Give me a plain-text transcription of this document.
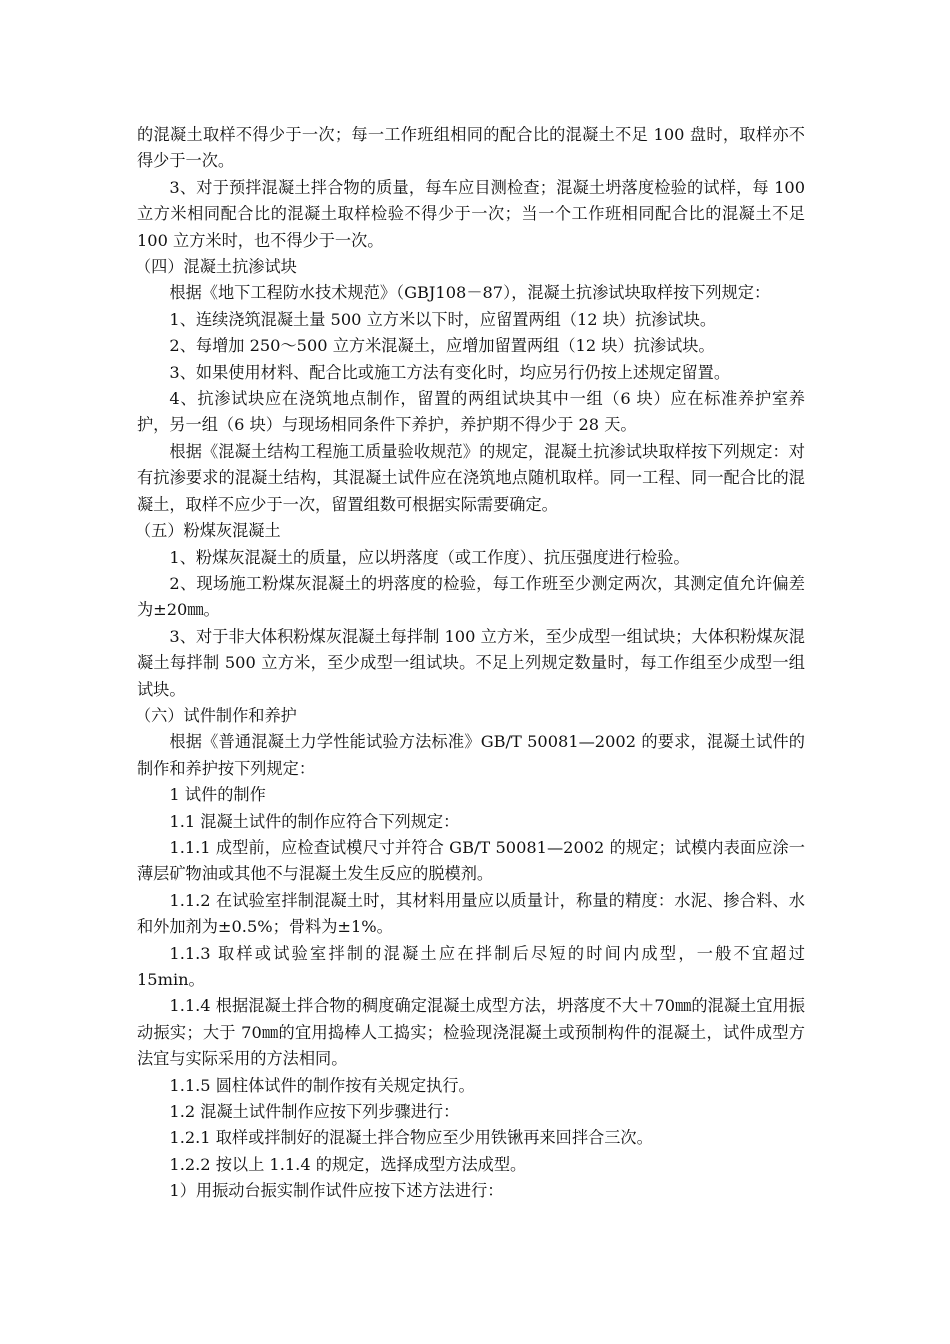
的混凝土取样不得少于一次；每一工作班组相同的配合比的混凝土不足 100 盘时，取样亦不得少于一次。

3、对于预拌混凝土拌合物的质量，每车应目测检查；混凝土坍落度检验的试样，每 100 立方米相同配合比的混凝土取样检验不得少于一次；当一个工作班相同配合比的混凝土不足 100 立方米时，也不得少于一次。

（四）混凝土抗渗试块

根据《地下工程防水技术规范》（GBJ108－87），混凝土抗渗试块取样按下列规定：

1、连续浇筑混凝土量 500 立方米以下时，应留置两组（12 块）抗渗试块。

2、每增加 250～500 立方米混凝土，应增加留置两组（12 块）抗渗试块。

3、如果使用材料、配合比或施工方法有变化时，均应另行仍按上述规定留置。

4、抗渗试块应在浇筑地点制作，留置的两组试块其中一组（6 块）应在标准养护室养护，另一组（6 块）与现场相同条件下养护，养护期不得少于 28 天。

根据《混凝土结构工程施工质量验收规范》的规定，混凝土抗渗试块取样按下列规定：对有抗渗要求的混凝土结构，其混凝土试件应在浇筑地点随机取样。同一工程、同一配合比的混凝土，取样不应少于一次，留置组数可根据实际需要确定。

（五）粉煤灰混凝土

1、粉煤灰混凝土的质量，应以坍落度（或工作度）、抗压强度进行检验。

2、现场施工粉煤灰混凝土的坍落度的检验，每工作班至少测定两次，其测定值允许偏差为±20㎜。

3、对于非大体积粉煤灰混凝土每拌制 100 立方米，至少成型一组试块；大体积粉煤灰混凝土每拌制 500 立方米，至少成型一组试块。不足上列规定数量时，每工作组至少成型一组试块。

（六）试件制作和养护

根据《普通混凝土力学性能试验方法标准》GB/T 50081—2002 的要求，混凝土试件的制作和养护按下列规定：

1 试件的制作

1.1 混凝土试件的制作应符合下列规定：

1.1.1 成型前，应检查试模尺寸并符合 GB/T 50081—2002 的规定；试模内表面应涂一薄层矿物油或其他不与混凝土发生反应的脱模剂。

1.1.2 在试验室拌制混凝土时，其材料用量应以质量计，称量的精度：水泥、掺合料、水和外加剂为±0.5%；骨料为±1%。

1.1.3 取样或试验室拌制的混凝土应在拌制后尽短的时间内成型，一般不宜超过 15min。

1.1.4 根据混凝土拌合物的稠度确定混凝土成型方法，坍落度不大＋70㎜的混凝土宜用振动振实；大于 70㎜的宜用捣棒人工捣实；检验现浇混凝土或预制构件的混凝土，试件成型方法宜与实际采用的方法相同。

1.1.5 圆柱体试件的制作按有关规定执行。

1.2 混凝土试件制作应按下列步骤进行：

1.2.1 取样或拌制好的混凝土拌合物应至少用铁锹再来回拌合三次。

1.2.2 按以上 1.1.4 的规定，选择成型方法成型。

1）用振动台振实制作试件应按下述方法进行：
